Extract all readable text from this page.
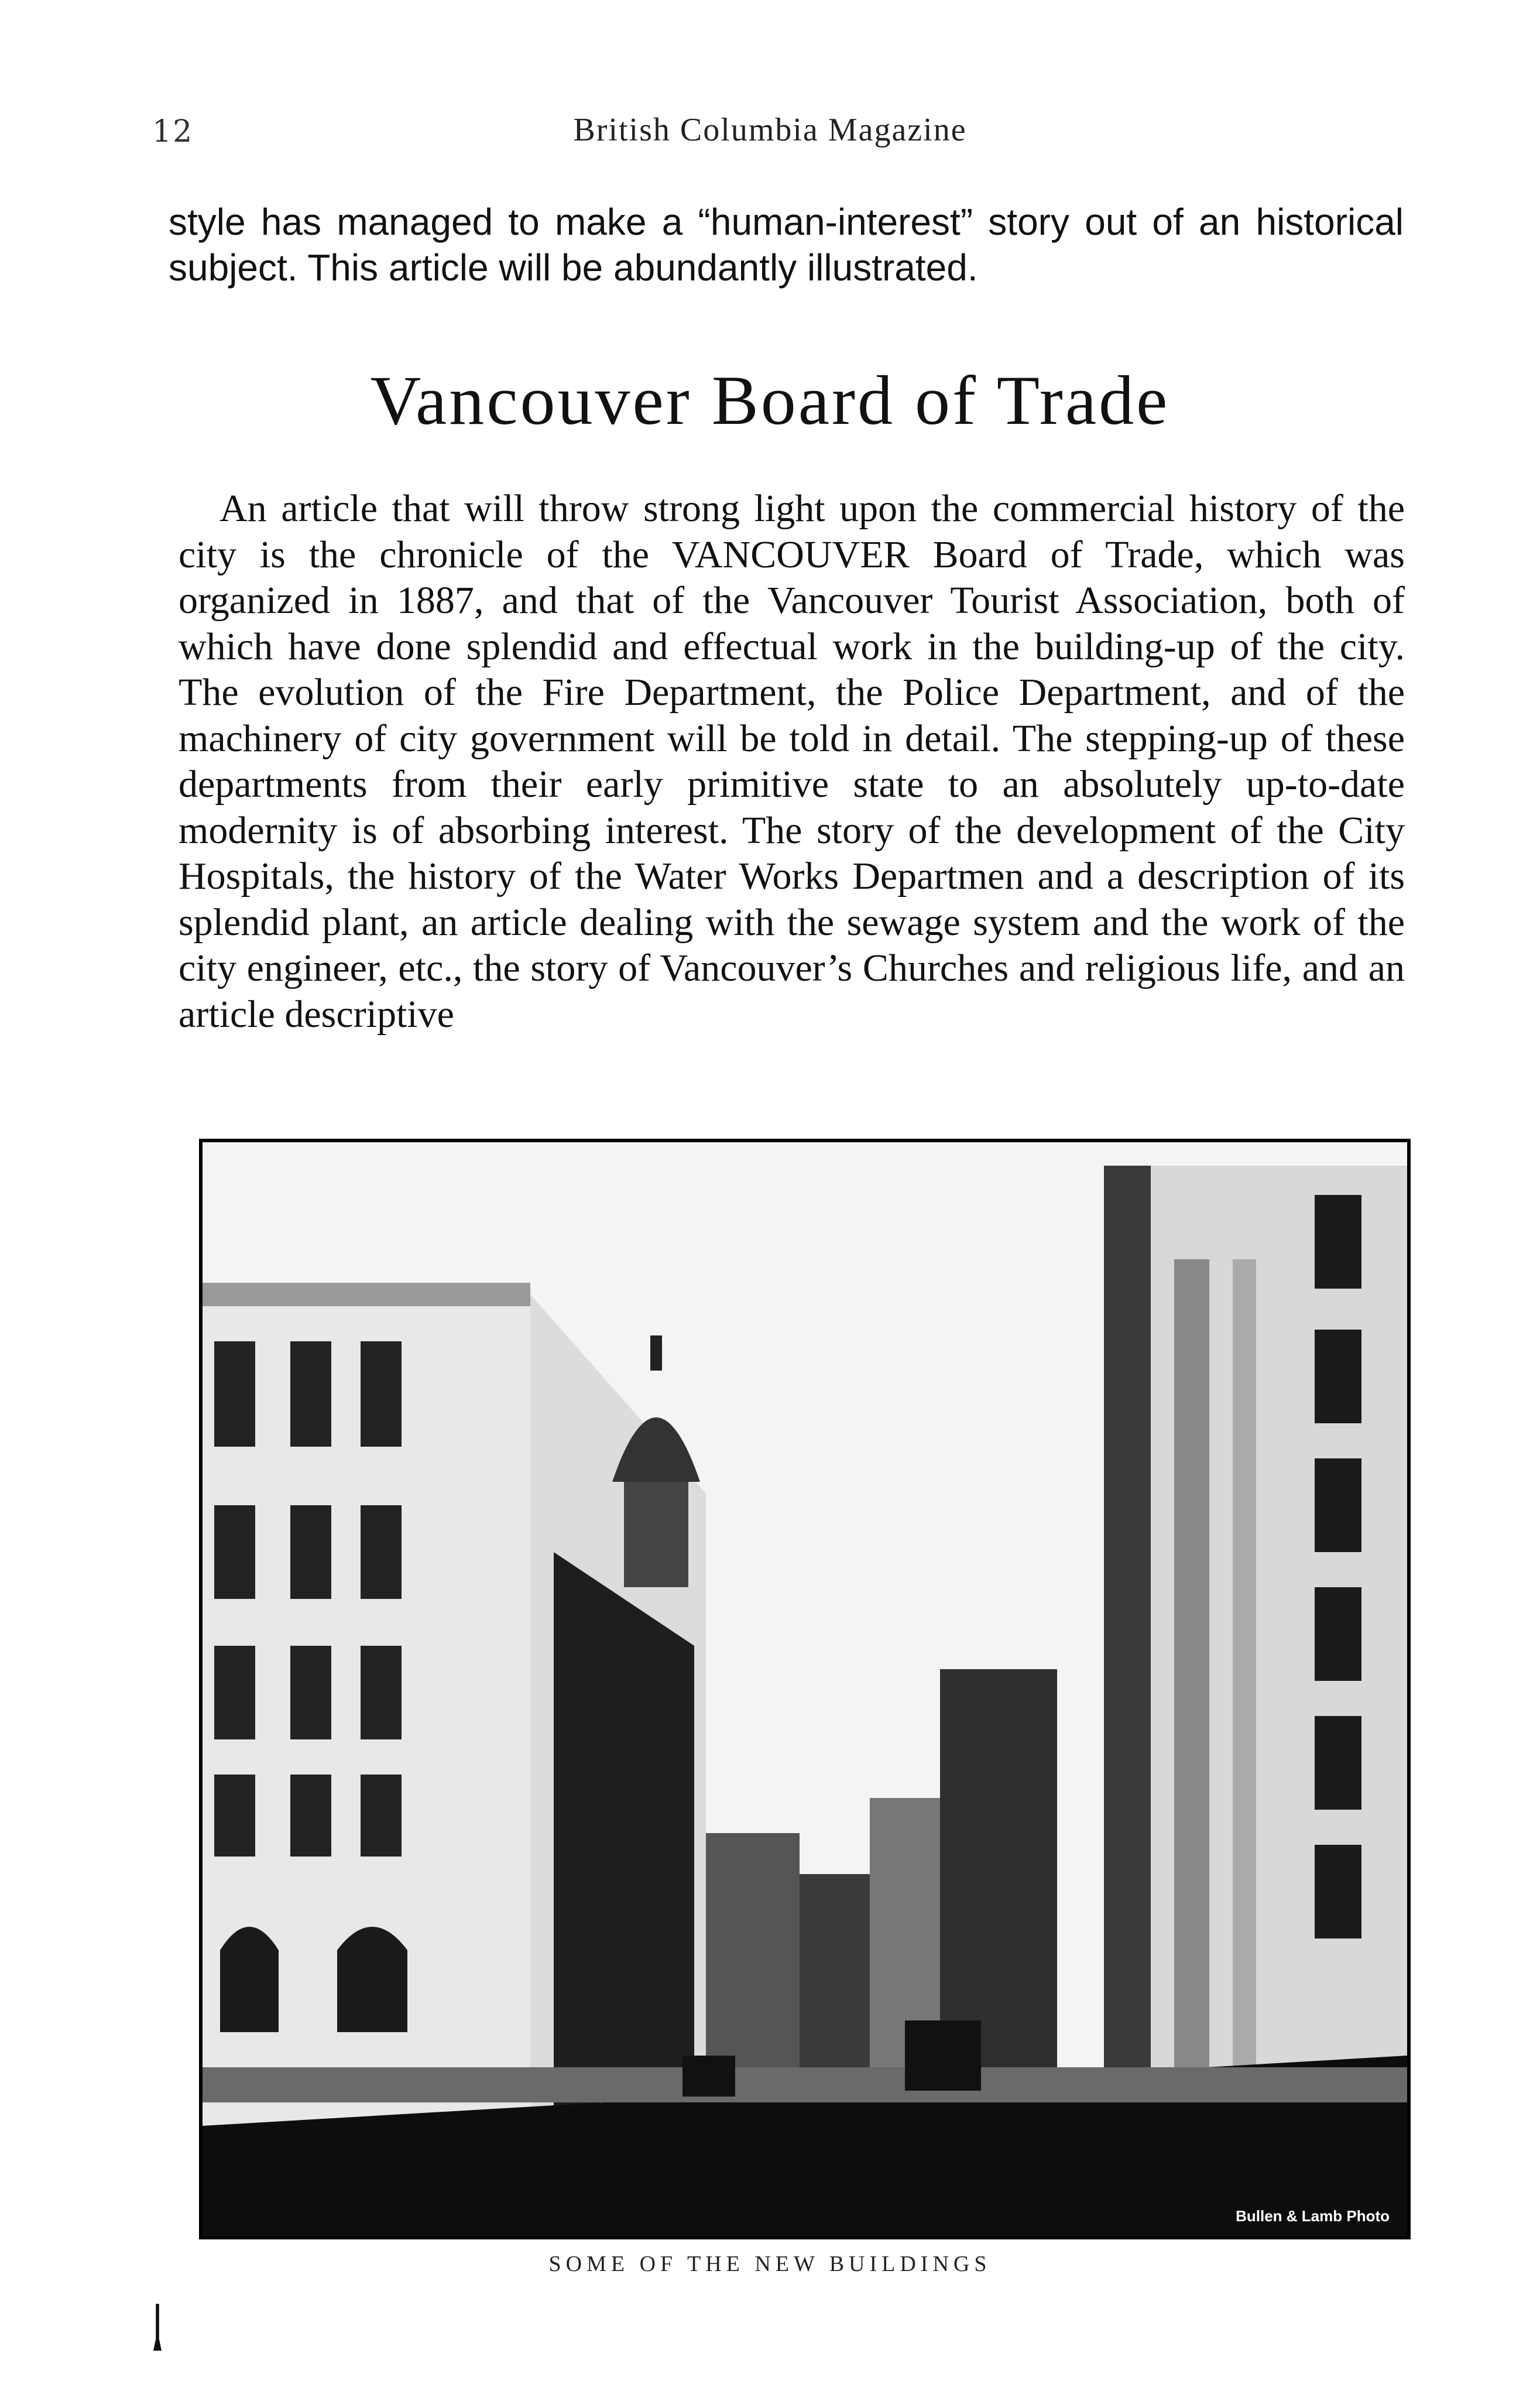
12	British Columbia Magazine
style has managed to make a “human-interest” story out of an historical subject. This article will be abundantly illustrated.
Vancouver Board of Trade
An article that will throw strong light upon the commercial history of the city is the chronicle of the VANCOUVER Board of Trade, which was organized in 1887, and that of the Vancouver Tourist Association, both of which have done splendid and effectual work in the building-up of the city. The evolution of the Fire Department, the Police Department, and of the machinery of city government will be told in detail. The stepping-up of these departments from their early primitive state to an absolutely up-to-date modernity is of absorbing interest. The story of the development of the City Hospitals, the history of the Water Works Departmen and a description of its splendid plant, an article dealing with the sewage system and the work of the city engineer, etc., the story of Vancouver’s Churches and religious life, and an article descriptive
Bullen & Lamb Photo
SOME OF THE NEW BUILDINGS
